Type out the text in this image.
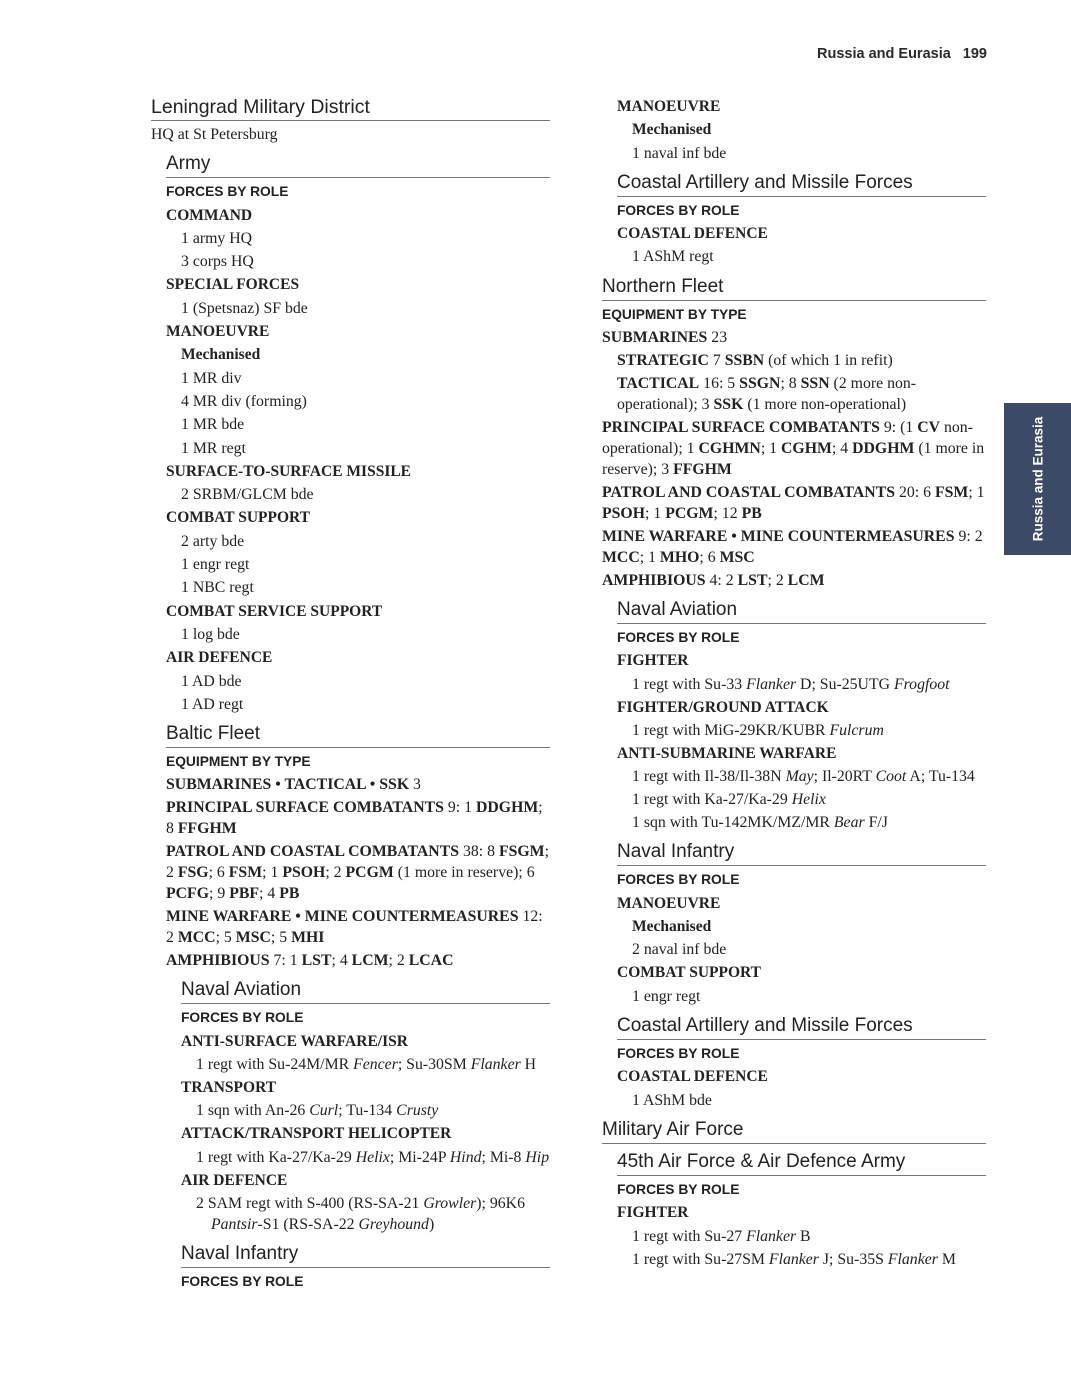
Russia and Eurasia 199
Russia and Eurasia
Leningrad Military District
HQ at St Petersburg
Army
FORCES BY ROLE
COMMAND
1 army HQ
3 corps HQ
SPECIAL FORCES
1 (Spetsnaz) SF bde
MANOEUVRE
Mechanised
1 MR div
4 MR div (forming)
1 MR bde
1 MR regt
SURFACE-TO-SURFACE MISSILE
2 SRBM/GLCM bde
COMBAT SUPPORT
2 arty bde
1 engr regt
1 NBC regt
COMBAT SERVICE SUPPORT
1 log bde
AIR DEFENCE
1 AD bde
1 AD regt
Baltic Fleet
EQUIPMENT BY TYPE
SUBMARINES • TACTICAL • SSK 3
PRINCIPAL SURFACE COMBATANTS 9: 1 DDGHM; 8 FFGHM
PATROL AND COASTAL COMBATANTS 38: 8 FSGM; 2 FSG; 6 FSM; 1 PSOH; 2 PCGM (1 more in reserve); 6 PCFG; 9 PBF; 4 PB
MINE WARFARE • MINE COUNTERMEASURES 12: 2 MCC; 5 MSC; 5 MHI
AMPHIBIOUS 7: 1 LST; 4 LCM; 2 LCAC
Naval Aviation
FORCES BY ROLE
ANTI-SURFACE WARFARE/ISR
1 regt with Su-24M/MR Fencer; Su-30SM Flanker H
TRANSPORT
1 sqn with An-26 Curl; Tu-134 Crusty
ATTACK/TRANSPORT HELICOPTER
1 regt with Ka-27/Ka-29 Helix; Mi-24P Hind; Mi-8 Hip
AIR DEFENCE
2 SAM regt with S-400 (RS-SA-21 Growler); 96K6 Pantsir-S1 (RS-SA-22 Greyhound)
Naval Infantry
FORCES BY ROLE
MANOEUVRE
Mechanised
1 naval inf bde
Coastal Artillery and Missile Forces
FORCES BY ROLE
COASTAL DEFENCE
1 AShM regt
Northern Fleet
EQUIPMENT BY TYPE
SUBMARINES 23
STRATEGIC 7 SSBN (of which 1 in refit)
TACTICAL 16: 5 SSGN; 8 SSN (2 more non-operational); 3 SSK (1 more non-operational)
PRINCIPAL SURFACE COMBATANTS 9: (1 CV non-operational); 1 CGHMN; 1 CGHM; 4 DDGHM (1 more in reserve); 3 FFGHM
PATROL AND COASTAL COMBATANTS 20: 6 FSM; 1 PSOH; 1 PCGM; 12 PB
MINE WARFARE • MINE COUNTERMEASURES 9: 2 MCC; 1 MHO; 6 MSC
AMPHIBIOUS 4: 2 LST; 2 LCM
Naval Aviation
FORCES BY ROLE
FIGHTER
1 regt with Su-33 Flanker D; Su-25UTG Frogfoot
FIGHTER/GROUND ATTACK
1 regt with MiG-29KR/KUBR Fulcrum
ANTI-SUBMARINE WARFARE
1 regt with Il-38/Il-38N May; Il-20RT Coot A; Tu-134
1 regt with Ka-27/Ka-29 Helix
1 sqn with Tu-142MK/MZ/MR Bear F/J
Naval Infantry
FORCES BY ROLE
MANOEUVRE
Mechanised
2 naval inf bde
COMBAT SUPPORT
1 engr regt
Coastal Artillery and Missile Forces
FORCES BY ROLE
COASTAL DEFENCE
1 AShM bde
Military Air Force
45th Air Force & Air Defence Army
FORCES BY ROLE
FIGHTER
1 regt with Su-27 Flanker B
1 regt with Su-27SM Flanker J; Su-35S Flanker M
